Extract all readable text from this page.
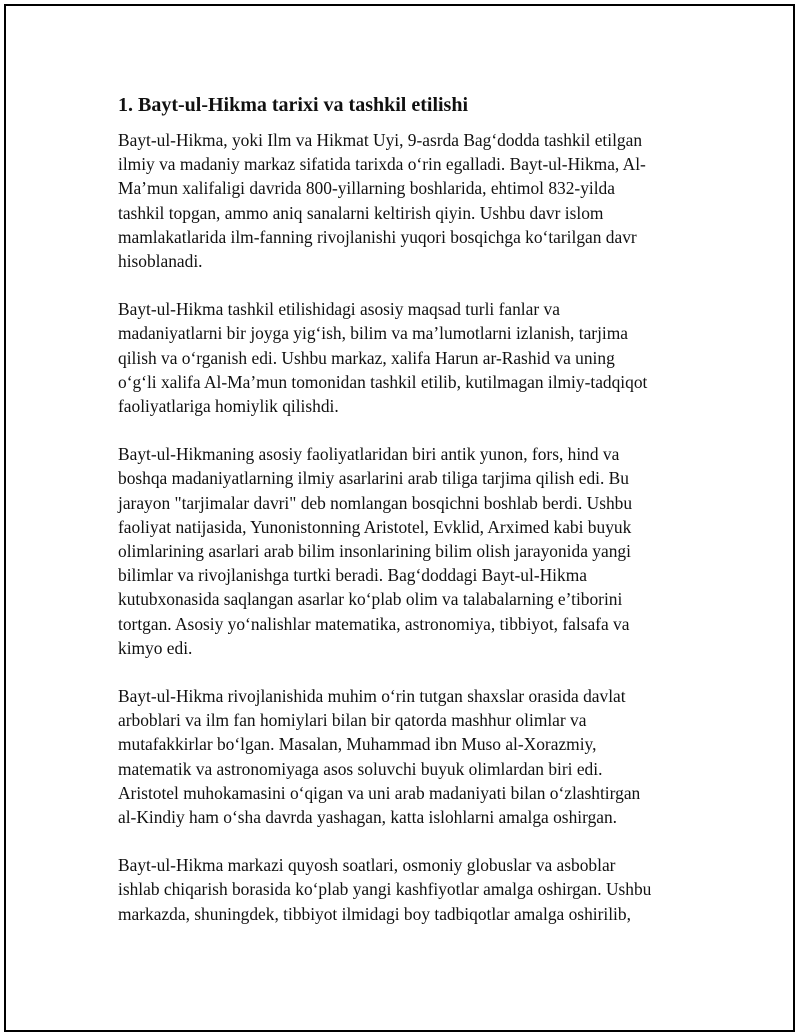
1. Bayt-ul-Hikma tarixi va tashkil etilishi
Bayt-ul-Hikma, yoki Ilm va Hikmat Uyi, 9-asrda Bag‘dodda tashkil etilgan
ilmiy va madaniy markaz sifatida tarixda o‘rin egalladi. Bayt-ul-Hikma, Al-
Ma’mun xalifaligi davrida 800-yillarning boshlarida, ehtimol 832-yilda
tashkil topgan, ammo aniq sanalarni keltirish qiyin. Ushbu davr islom
mamlakatlarida ilm-fanning rivojlanishi yuqori bosqichga ko‘tarilgan davr
hisoblanadi.
Bayt-ul-Hikma tashkil etilishidagi asosiy maqsad turli fanlar va
madaniyatlarni bir joyga yig‘ish, bilim va ma’lumotlarni izlanish, tarjima
qilish va o‘rganish edi. Ushbu markaz, xalifa Harun ar-Rashid va uning
o‘g‘li xalifa Al-Ma’mun tomonidan tashkil etilib, kutilmagan ilmiy-tadqiqot
faoliyatlariga homiylik qilishdi.
Bayt-ul-Hikmaning asosiy faoliyatlaridan biri antik yunon, fors, hind va
boshqa madaniyatlarning ilmiy asarlarini arab tiliga tarjima qilish edi. Bu
jarayon "tarjimalar davri" deb nomlangan bosqichni boshlab berdi. Ushbu
faoliyat natijasida, Yunonistonning Aristotel, Evklid, Arximed kabi buyuk
olimlarining asarlari arab bilim insonlarining bilim olish jarayonida yangi
bilimlar va rivojlanishga turtki beradi. Bag‘doddagi Bayt-ul-Hikma
kutubxonasida saqlangan asarlar ko‘plab olim va talabalarning e’tiborini
tortgan. Asosiy yo‘nalishlar matematika, astronomiya, tibbiyot, falsafa va
kimyo edi.
Bayt-ul-Hikma rivojlanishida muhim o‘rin tutgan shaxslar orasida davlat
arboblari va ilm fan homiylari bilan bir qatorda mashhur olimlar va
mutafakkirlar bo‘lgan. Masalan, Muhammad ibn Muso al-Xorazmiy,
matematik va astronomiyaga asos soluvchi buyuk olimlardan biri edi.
Aristotel muhokamasini o‘qigan va uni arab madaniyati bilan o‘zlashtirgan
al-Kindiy ham o‘sha davrda yashagan, katta islohlarni amalga oshirgan.
Bayt-ul-Hikma markazi quyosh soatlari, osmoniy globuslar va asboblar
ishlab chiqarish borasida ko‘plab yangi kashfiyotlar amalga oshirgan. Ushbu
markazda, shuningdek, tibbiyot ilmidagi boy tadbiqotlar amalga oshirilib,
